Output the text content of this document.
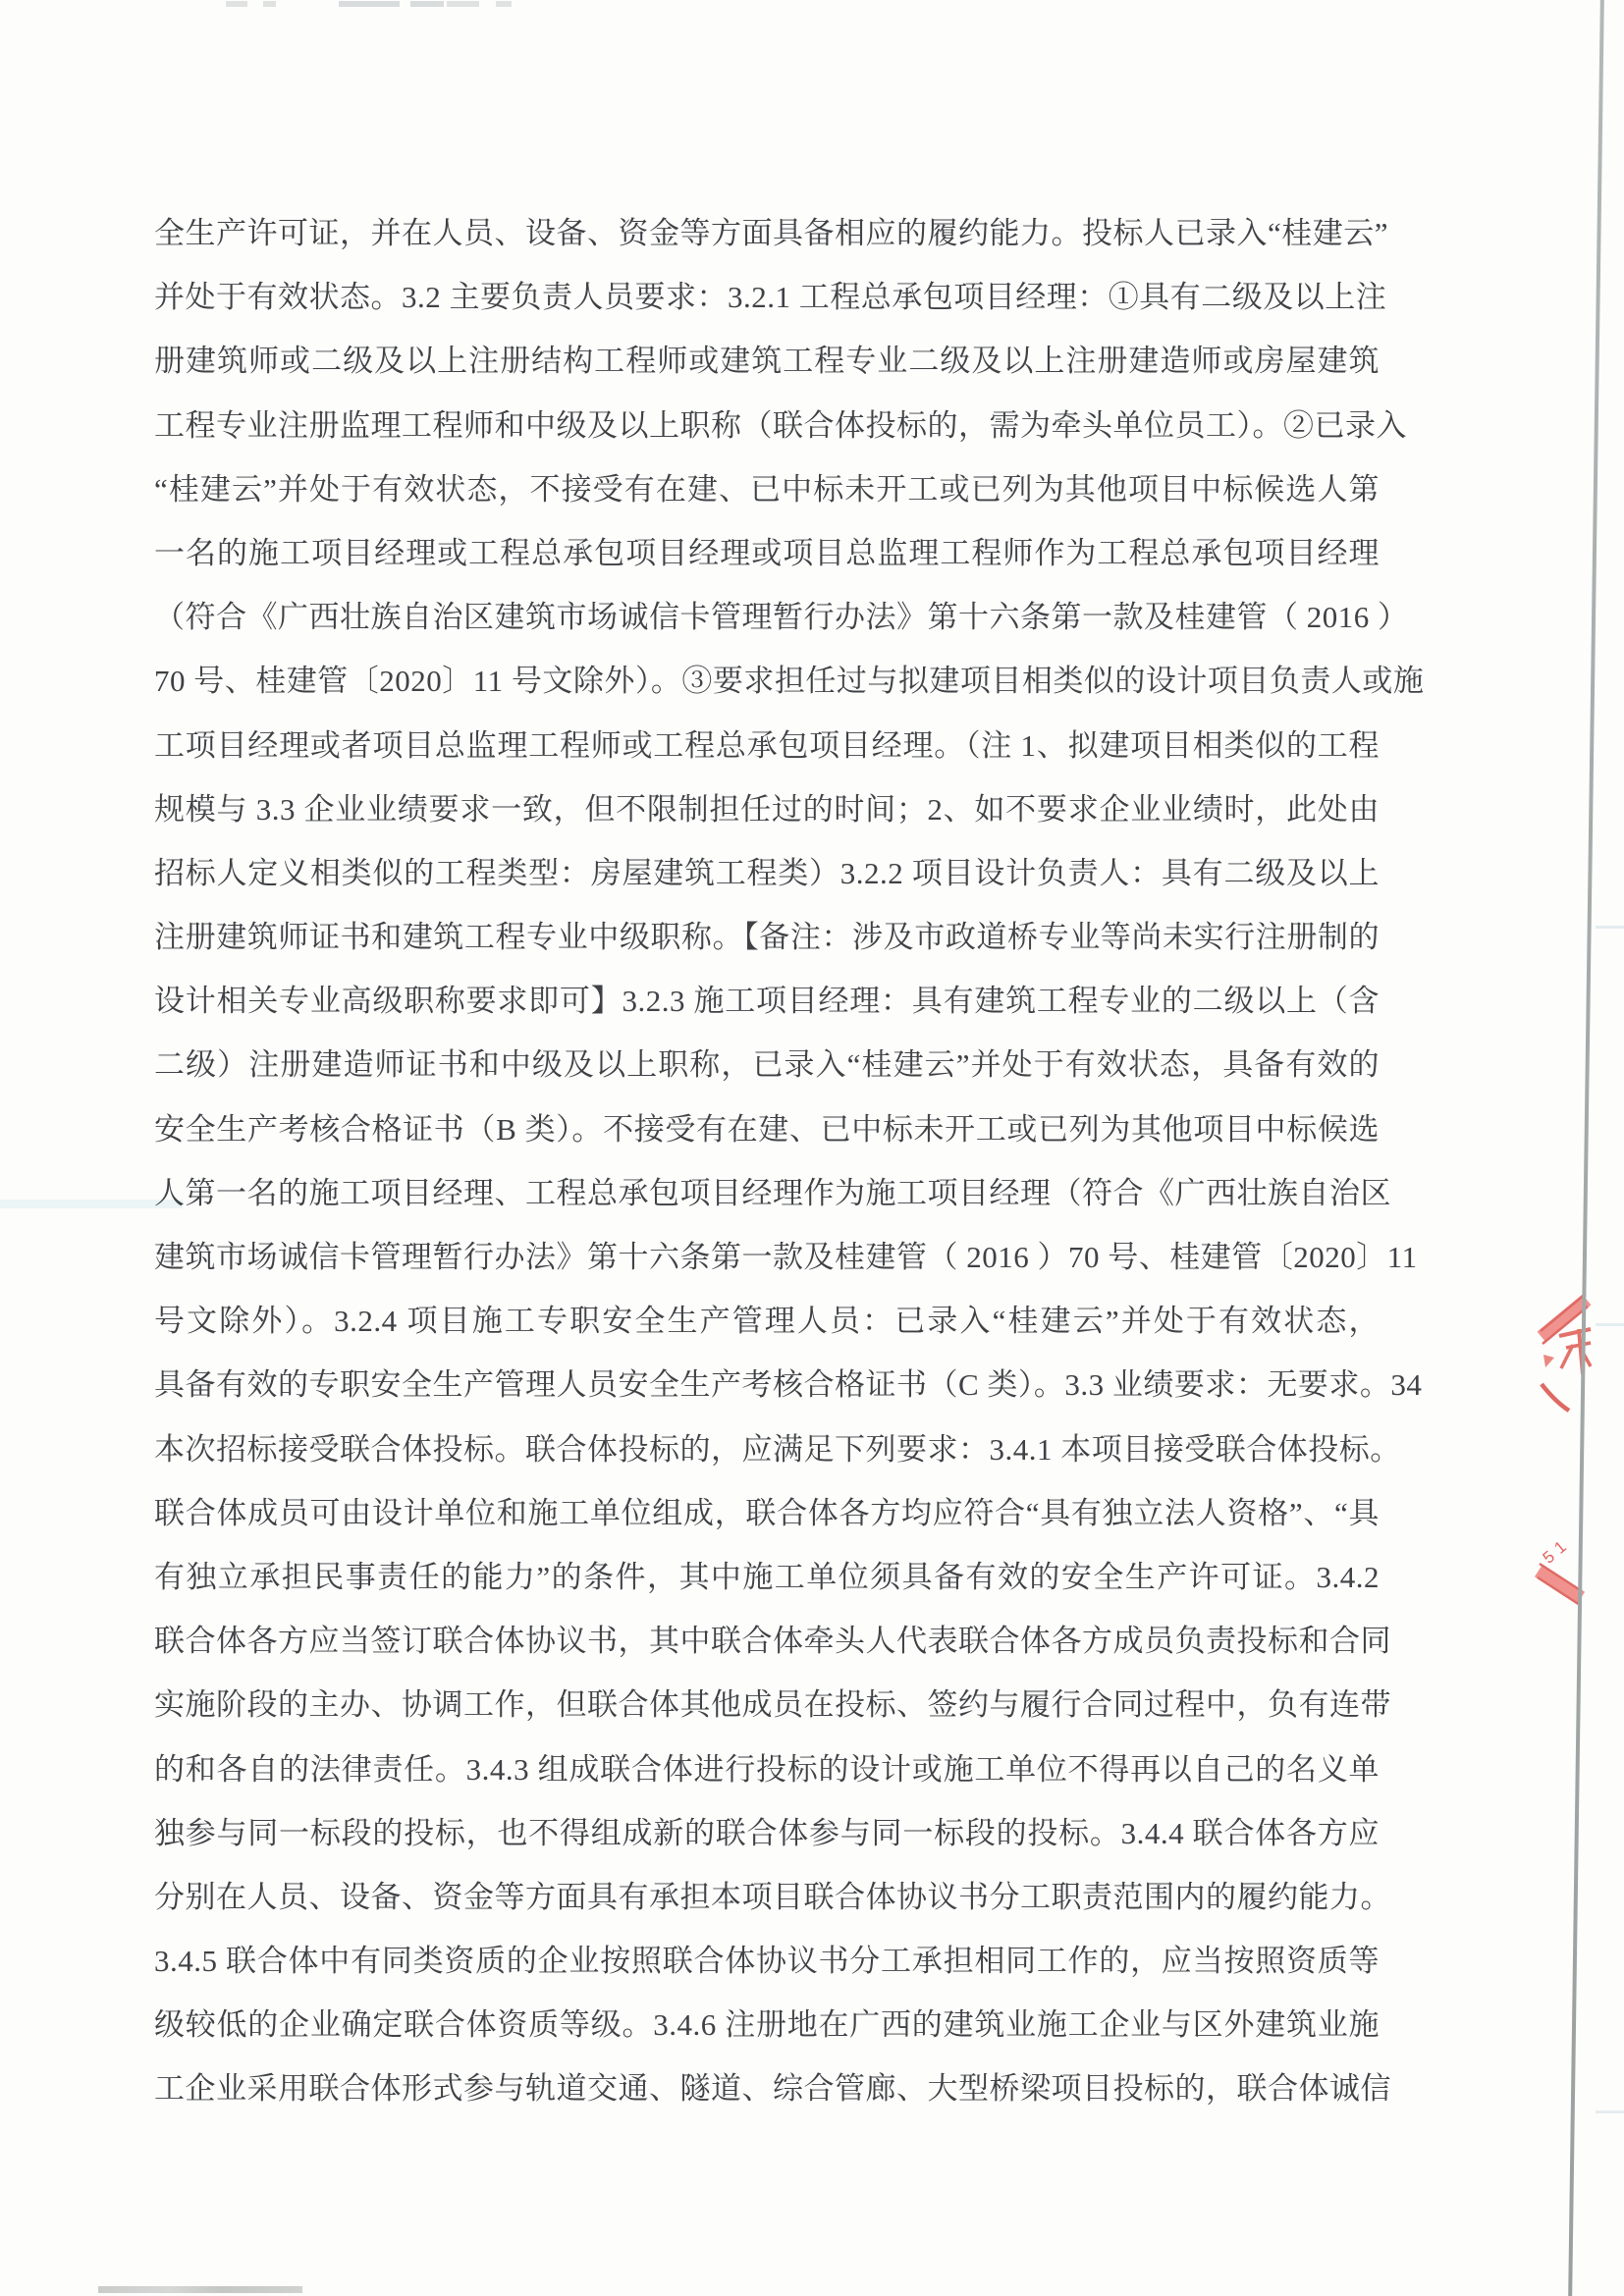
全生产许可证，并在人员、设备、资金等方面具备相应的履约能力。投标人已录入“桂建云”
并处于有效状态。3.2 主要负责人员要求：3.2.1 工程总承包项目经理：①具有二级及以上注
册建筑师或二级及以上注册结构工程师或建筑工程专业二级及以上注册建造师或房屋建筑
工程专业注册监理工程师和中级及以上职称（联合体投标的，需为牵头单位员工）。②已录入
“桂建云”并处于有效状态，不接受有在建、已中标未开工或已列为其他项目中标候选人第
一名的施工项目经理或工程总承包项目经理或项目总监理工程师作为工程总承包项目经理
（符合《广西壮族自治区建筑市场诚信卡管理暂行办法》第十六条第一款及桂建管（ 2016 ）
70 号、桂建管〔2020〕11 号文除外）。③要求担任过与拟建项目相类似的设计项目负责人或施
工项目经理或者项目总监理工程师或工程总承包项目经理。（注 1、拟建项目相类似的工程
规模与 3.3 企业业绩要求一致，但不限制担任过的时间；2、如不要求企业业绩时，此处由
招标人定义相类似的工程类型：房屋建筑工程类）3.2.2 项目设计负责人：具有二级及以上
注册建筑师证书和建筑工程专业中级职称。【备注：涉及市政道桥专业等尚未实行注册制的
设计相关专业高级职称要求即可】3.2.3 施工项目经理：具有建筑工程专业的二级以上（含
二级）注册建造师证书和中级及以上职称，已录入“桂建云”并处于有效状态，具备有效的
安全生产考核合格证书（B 类）。不接受有在建、已中标未开工或已列为其他项目中标候选
人第一名的施工项目经理、工程总承包项目经理作为施工项目经理（符合《广西壮族自治区
建筑市场诚信卡管理暂行办法》第十六条第一款及桂建管（ 2016 ）70 号、桂建管〔2020〕11
号文除外）。3.2.4 项目施工专职安全生产管理人员：已录入“桂建云”并处于有效状态，
具备有效的专职安全生产管理人员安全生产考核合格证书（C 类）。3.3 业绩要求：无要求。34
本次招标接受联合体投标。联合体投标的，应满足下列要求：3.4.1 本项目接受联合体投标。
联合体成员可由设计单位和施工单位组成，联合体各方均应符合“具有独立法人资格”、“具
有独立承担民事责任的能力”的条件，其中施工单位须具备有效的安全生产许可证。3.4.2
联合体各方应当签订联合体协议书，其中联合体牵头人代表联合体各方成员负责投标和合同
实施阶段的主办、协调工作，但联合体其他成员在投标、签约与履行合同过程中，负有连带
的和各自的法律责任。3.4.3 组成联合体进行投标的设计或施工单位不得再以自己的名义单
独参与同一标段的投标，也不得组成新的联合体参与同一标段的投标。3.4.4 联合体各方应
分别在人员、设备、资金等方面具有承担本项目联合体协议书分工职责范围内的履约能力。
3.4.5 联合体中有同类资质的企业按照联合体协议书分工承担相同工作的，应当按照资质等
级较低的企业确定联合体资质等级。3.4.6 注册地在广西的建筑业施工企业与区外建筑业施
工企业采用联合体形式参与轨道交通、隧道、综合管廊、大型桥梁项目投标的，联合体诚信
51
